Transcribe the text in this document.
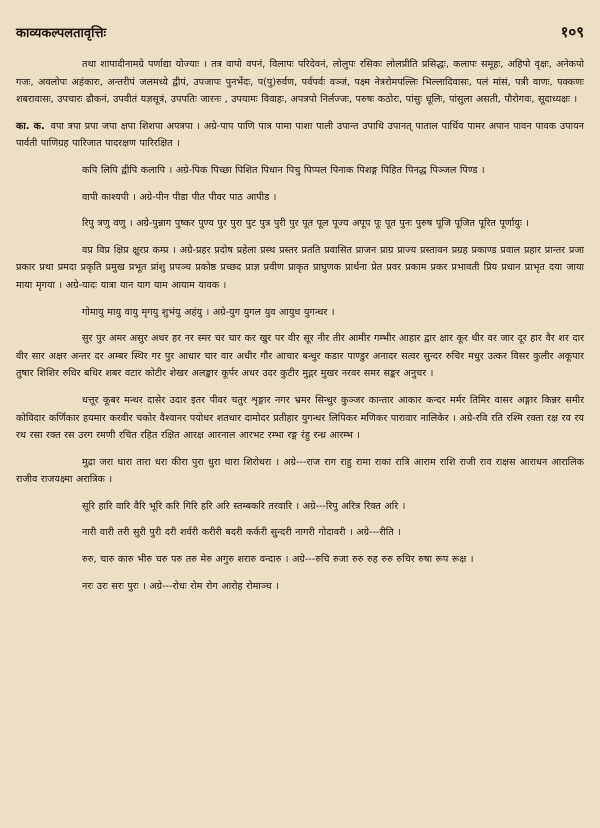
काव्यकल्पलतावृत्तिः	१०९

तथा शापादीनामग्रे पर्णाद्या योज्याः । तत्र वापो वपनं, विलापः परिदेवनं, लोलुपः रसिकः लोलप्रीति प्रसिद्धः, कलापः समूहः, अहिपो वृक्षः, अनेकपो गजः, अवलोपः अहंकारः, अन्तरीपं जलमध्ये द्वीपं, उपजापः पुनर्भेदः, प(पु)रुर्वण, पर्वपर्वः वञ्जं, पक्ष्म नेत्ररोमपल्लिः भिल्लादिवासः, पलं मांसं, पत्री वाणः, पक्कणः शबरावासः, उपचारः ढौकनं, उपवीतं यज्ञसूत्रं, उपपतिः जारनः , उपयामः विवाहः, अपत्रपो निर्लज्जः, परुषः कठोरः, पांसुः धूलिः, पांसुला असती, पौरोगवः, सूदाध्यक्षः ।

का. क. वपा त्रपा प्रपा जपा क्षपा शिशपा अपत्रपा । अग्रे-पाप पाणि पात्र पामा पाशा पाली उपान्त उपाधि उपानत् पाताल पार्थिव पामर अपान पावन पावक उपायन पार्वती पाणिग्रह पारिजात पादरक्षण पारिरक्षित ।

कपि लिपि द्वीपि कलापि । अग्रे-पिक पिच्छा पिशित पिधान पिचु पिप्पल पिनाक पिशङ्ग पिहित पिनद्ध पिञ्जल पिण्ड ।

वापी काश्यपी । अग्रे-पीन पीडा पीत पीवर पाठ आपीड ।

रिपु त्रणु वणु । अग्रे-पुन्नाग पुष्कर पुण्य पुर पुरा पुट पुत्र पुरी पुर पूत पूल पूज्य अपूप पूः पूत पुनः पुरुष पूजि पूजित पूरित पूर्णायुः ।

वप्र विप्र क्षिप्र क्षुरप्र कम्प्र । अग्रे-प्रहर प्रदोष प्रहेला प्रस्थ प्रस्तर प्रतति प्रवासित प्राजन प्राग्र प्राज्य प्रस्तावन प्रग्रह प्रकाण्ड प्रवाल प्रहार प्रान्तर प्रजा प्रकार प्रथा प्रमदा प्रकृति प्रमुख प्रभूत प्रांशु प्रपञ्च प्रकोष्ठ प्रच्छद प्राज्ञ प्रवीण प्राकृत प्राघुणक प्रार्थना प्रेत प्रवर प्रकाम प्रकर प्रभावती प्रिय प्रधान प्राभृत दया जाया माया मृगया । अग्रे-यादः यात्रा यान याग याम आयाम यावक ।

गोमायु मायु वायु मृगयु शुभंयु अहंयु । अग्रे-युग युगल युव आयुध युगन्धर ।

सुर पुर अमर असुर अधर हर नर स्मर चर चार कर खुर पर वीर सूर नीर तीर आमीर गम्भीर आहार द्वार क्षार कूर धीर वर जार दूर हार वैर शर दार वीर सार अक्षर अन्तर दर अम्बर स्थिर गर पुर आधार चार वार अधीर गौर आचार बन्धुर कडार पाण्डुर अनादर सत्वर सुन्दर रुचिर मधुर उत्कर विसर कुलीर अकूपार तुषार शिशिर रुधिर बधिर शबर वटार कोटीर शेखर अलङ्कार कूर्पर अधर उदर कुटीर मुद्गर मुखर नरवर समर सङ्कर अनुचर ।

धत्तूर कूबर मन्थर दासेर उदार इतर पीवर चतुर शृङ्गार नगर भ्रमर सिन्धुर कुञ्जर कान्तार आकार कन्दर मर्मर तिमिर वासर अङ्गार किन्नर समीर कोविदार कर्णिकार हयमार करवीर चकोर वैश्वानर पयोधर शतधार दामोदर प्रतीहार युगन्धर लिपिकर मणिकर पारावार नालिकेर । अग्रे-रवि रति रश्मि रक्ता रक्ष रव रय रथ रसा रक्त रस उरग रमणी रचित रहित रक्षित आरक्ष आरनाल आरभट रम्भा रङ्ग रंहु रन्ध्र आरम्भ ।

मुद्रा जरा धारा तारा धरा कीरा पुरा धुरा धारा शिरोधरा । अग्रे---राज राग राहु रामा राका रात्रि आराम राशि राजी राव राक्षस आराधन आरालिक राजीव राजयक्ष्मा अरात्रिक ।

सूरि हारि वारि वैरि भूरि करि गिरि हरि अरि स्तम्बकरि तरवारि । अग्रे---रिपु अरित्र रिक्त अरि ।

नारी वारी तरी सुरी पुरी दरी शर्वरी करीरी बदरी कर्करी सुन्दरी नागरी गोदावरी । अग्रे---रीति ।

रुरु, चारु कारु भीरु चरु परु तरु मेरु अगुरु शरारु वन्दारु । अग्रे---रुचि रुजा रुरु रुह रुरु रुचिर रुषा रूप रूक्ष ।

नरः उरः सरः पुरः । अग्रे---रोधः रोम रोग आरोह रोमाञ्च ।
